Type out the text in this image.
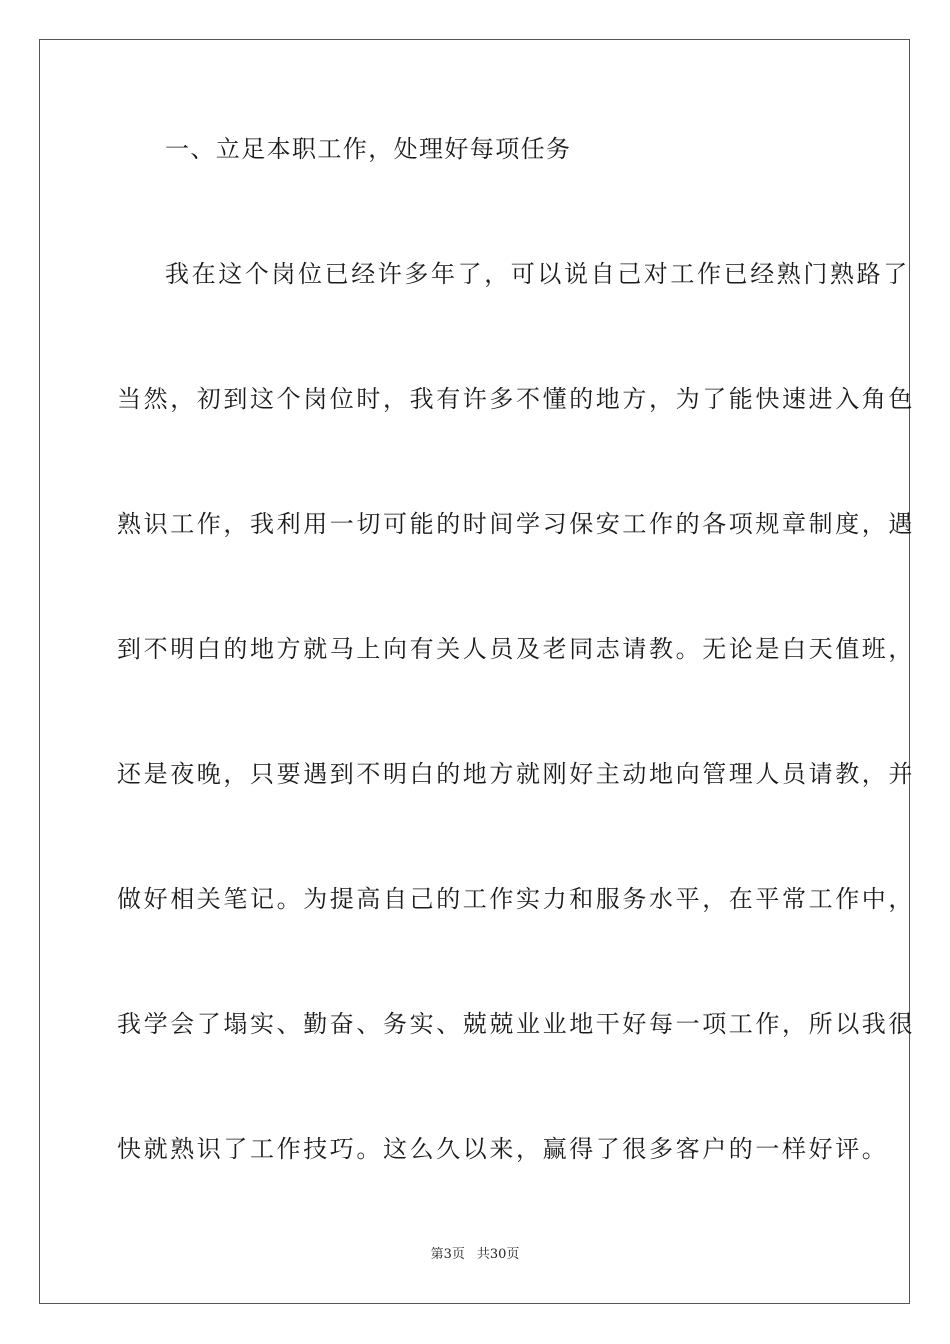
一、立足本职工作，处理好每项任务
我在这个岗位已经许多年了，可以说自己对工作已经熟门熟路了
当然，初到这个岗位时，我有许多不懂的地方，为了能快速进入角色
熟识工作，我利用一切可能的时间学习保安工作的各项规章制度，遇
到不明白的地方就马上向有关人员及老同志请教。无论是白天值班，
还是夜晚，只要遇到不明白的地方就刚好主动地向管理人员请教，并
做好相关笔记。为提高自己的工作实力和服务水平，在平常工作中，
我学会了塌实、勤奋、务实、兢兢业业地干好每一项工作，所以我很
快就熟识了工作技巧。这么久以来，赢得了很多客户的一样好评。
第3页 共30页
